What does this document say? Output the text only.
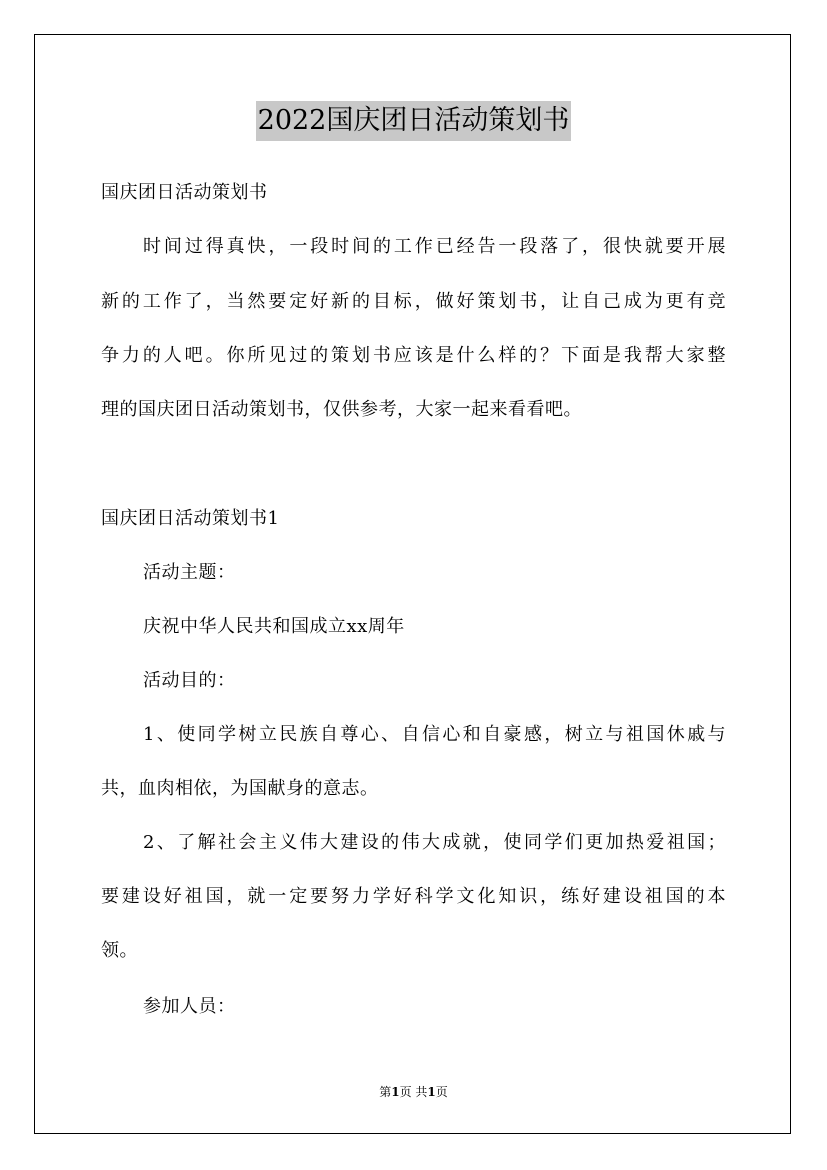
2022国庆团日活动策划书
国庆团日活动策划书
时间过得真快，一段时间的工作已经告一段落了，很快就要开展
新的工作了，当然要定好新的目标，做好策划书，让自己成为更有竞
争力的人吧。你所见过的策划书应该是什么样的？下面是我帮大家整
理的国庆团日活动策划书，仅供参考，大家一起来看看吧。
国庆团日活动策划书1
活动主题：
庆祝中华人民共和国成立xx周年
活动目的：
1、使同学树立民族自尊心、自信心和自豪感，树立与祖国休戚与
共，血肉相依，为国献身的意志。
2、了解社会主义伟大建设的伟大成就，使同学们更加热爱祖国；
要建设好祖国，就一定要努力学好科学文化知识，练好建设祖国的本
领。
参加人员：
第1页 共1页
